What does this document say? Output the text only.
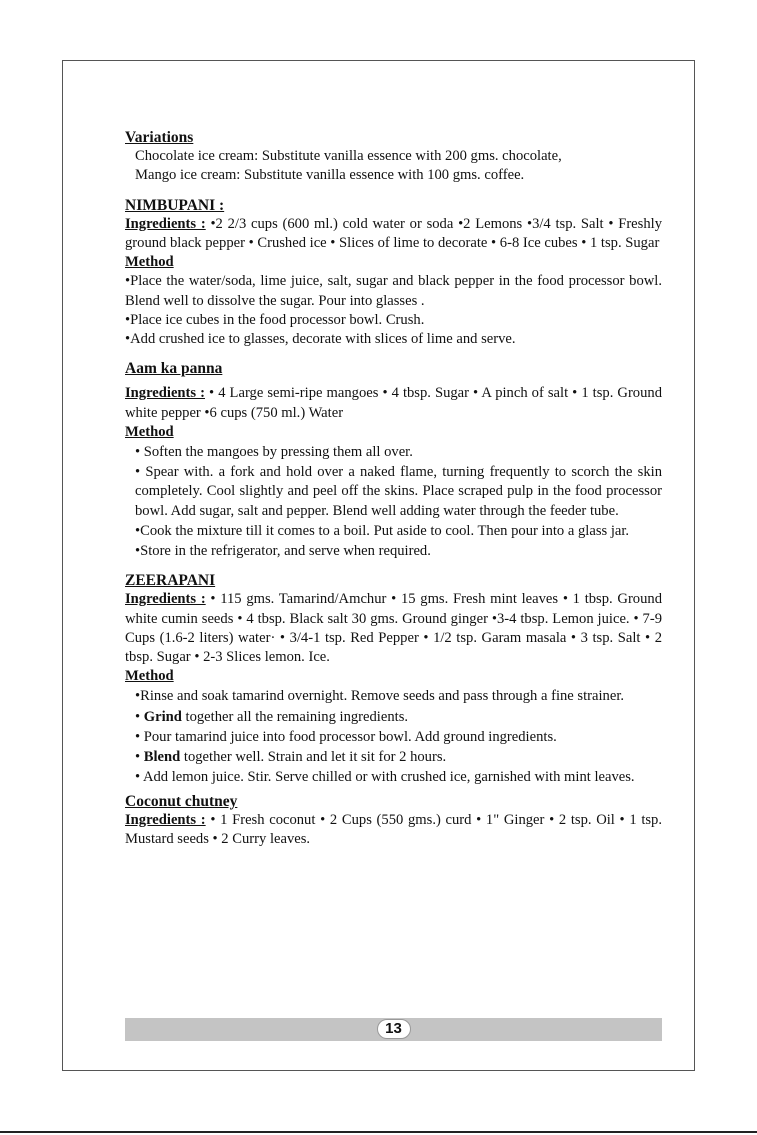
Variations
Chocolate ice cream: Substitute vanilla essence with 200 gms. chocolate,
Mango ice cream: Substitute vanilla essence with 100 gms. coffee.
NIMBUPANI :
Ingredients : •2 2/3 cups (600 ml.) cold water or soda •2 Lemons •3/4 tsp. Salt • Freshly ground black pepper • Crushed ice • Slices of lime to decorate • 6-8 Ice cubes • 1 tsp. Sugar
Method
•Place the water/soda, lime juice, salt, sugar and black pepper in the food processor bowl. Blend well to dissolve the sugar. Pour into glasses .
•Place ice cubes in the food processor bowl. Crush.
•Add crushed ice to glasses, decorate with slices of lime and serve.
Aam ka panna
Ingredients : • 4 Large semi-ripe mangoes • 4 tbsp. Sugar • A pinch of salt • 1 tsp. Ground white pepper •6 cups (750 ml.) Water
Method
• Soften the mangoes by pressing them all over.
• Spear with. a fork and hold over a naked flame, turning frequently to scorch the skin completely. Cool slightly and peel off the skins. Place scraped pulp in the food processor bowl. Add sugar, salt and pepper. Blend well adding water through the feeder tube.
•Cook the mixture till it comes to a boil. Put aside to cool. Then pour into a glass jar.
•Store in the refrigerator, and serve when required.
ZEERAPANI
Ingredients : • 115 gms. Tamarind/Amchur • 15 gms. Fresh mint leaves • 1 tbsp. Ground white cumin seeds • 4 tbsp. Black salt 30 gms. Ground ginger •3-4 tbsp. Lemon juice. • 7-9 Cups (1.6-2 liters) water· • 3/4-1 tsp. Red Pepper • 1/2 tsp. Garam masala • 3 tsp. Salt • 2 tbsp. Sugar • 2-3 Slices lemon. Ice.
Method
•Rinse and soak tamarind overnight. Remove seeds and pass through a fine strainer.
• Grind together all the remaining ingredients.
• Pour tamarind juice into food processor bowl. Add ground ingredients.
• Blend together well. Strain and let it sit for 2 hours.
• Add lemon juice. Stir. Serve chilled or with crushed ice, garnished with mint leaves.
Coconut chutney
Ingredients : • 1 Fresh coconut • 2 Cups (550 gms.) curd • 1" Ginger • 2 tsp. Oil • 1 tsp. Mustard seeds • 2 Curry leaves.
13
